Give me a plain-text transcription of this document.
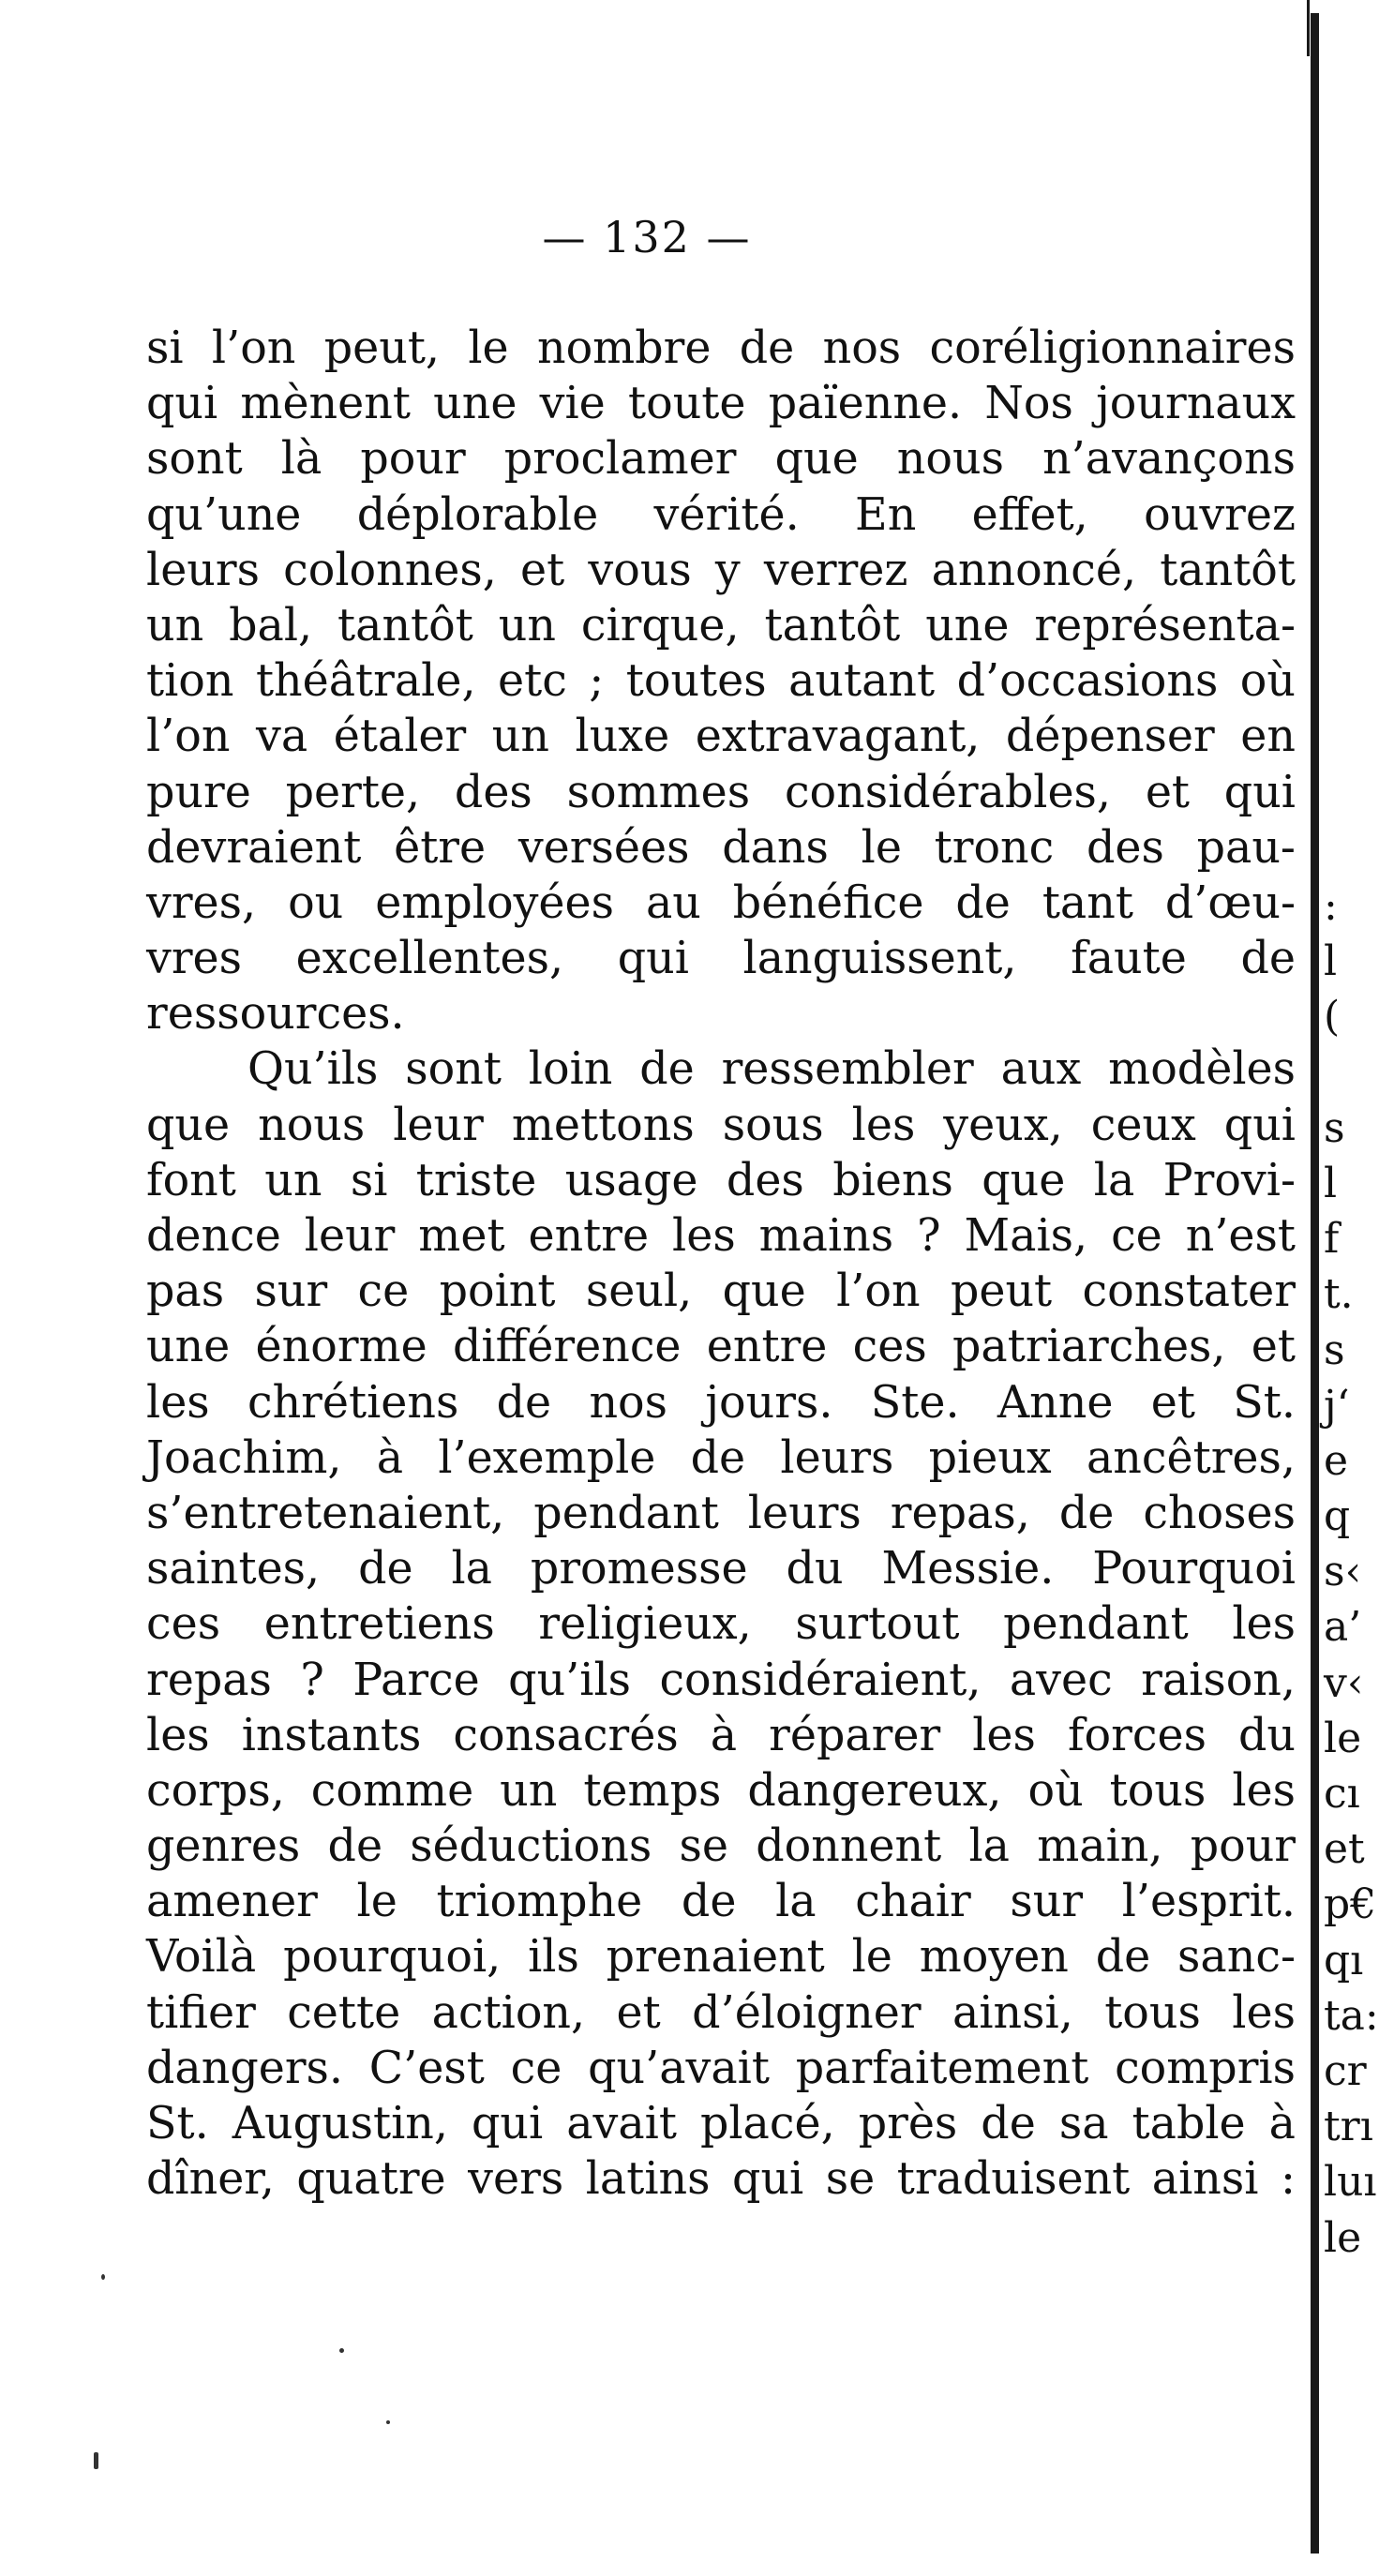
— 132 —
si l’on peut, le nombre de nos coréligionnaires
qui mènent une vie toute païenne. Nos journaux
sont là pour proclamer que nous n’avançons
qu’une déplorable vérité. En effet, ouvrez
leurs colonnes, et vous y verrez annoncé, tantôt
un bal, tantôt un cirque, tantôt une représenta-
tion théâtrale, etc ; toutes autant d’occasions où
l’on va étaler un luxe extravagant, dépenser en
pure perte, des sommes considérables, et qui
devraient être versées dans le tronc des pau-
vres, ou employées au bénéfice de tant d’œu-
vres excellentes, qui languissent, faute de
ressources.
Qu’ils sont loin de ressembler aux modèles
que nous leur mettons sous les yeux, ceux qui
font un si triste usage des biens que la Provi-
dence leur met entre les mains ? Mais, ce n’est
pas sur ce point seul, que l’on peut constater
une énorme différence entre ces patriarches, et
les chrétiens de nos jours. Ste. Anne et St.
Joachim, à l’exemple de leurs pieux ancêtres,
s’entretenaient, pendant leurs repas, de choses
saintes, de la promesse du Messie. Pourquoi
ces entretiens religieux, surtout pendant les
repas ? Parce qu’ils considéraient, avec raison,
les instants consacrés à réparer les forces du
corps, comme un temps dangereux, où tous les
genres de séductions se donnent la main, pour
amener le triomphe de la chair sur l’esprit.
Voilà pourquoi, ils prenaient le moyen de sanc-
tifier cette action, et d’éloigner ainsi, tous les
dangers. C’est ce qu’avait parfaitement compris
St. Augustin, qui avait placé, près de sa table à
dîner, quatre vers latins qui se traduisent ainsi :
:
l
(
s
l
f
t.
s
j‘
e
q
s‹
a’
v‹
le
cı
et
p€
qı
ta:
cr
trı
luı
le
